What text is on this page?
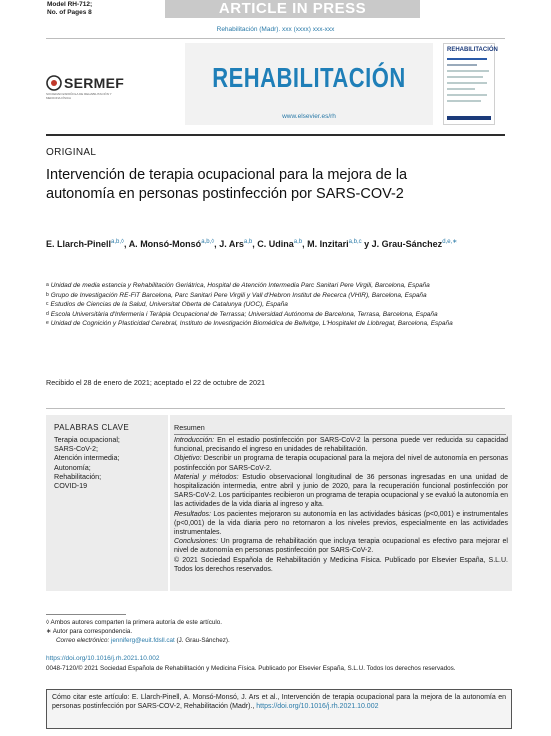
Model RH-712;
No. of Pages 8	ARTICLE IN PRESS
Rehabilitación (Madr). xxx (xxxx) xxx-xxx
SERMEF
SOCIEDAD ESPAÑOLA DE REHABILITACIÓN Y MEDICINA FÍSICA
REHABILITACIÓN
www.elsevier.es/rh
REHABILITACIÓN
ORIGINAL
Intervención de terapia ocupacional para la mejora de la autonomía en personas postinfección por SARS-COV-2
E. Llarch-Pinell$^{a,b,◊}$, A. Monsó-Monsó$^{a,b,◊}$, J. Ars$^{a,b}$, C. Udina$^{a,b}$, M. Inzitari$^{a,b,c}$ y J. Grau-Sánchez$^{d,e,∗}$
$^a$ Unidad de media estancia y Rehabilitación Geriátrica, Hospital de Atención Intermedia Parc Sanitari Pere Virgili, Barcelona, España
$^b$ Grupo de Investigación RE-FiT Barcelona, Parc Sanitari Pere Virgili y Vall d'Hebron Institut de Recerca (VHIR), Barcelona, España
$^c$ Estudios de Ciencias de la Salud, Universitat Oberta de Catalunya (UOC), España
$^d$ Escola Universitària d'Infermeria i Teràpia Ocupacional de Terrassa; Universidad Autónoma de Barcelona, Terrasa, Barcelona, España
$^e$ Unidad de Cognición y Plasticidad Cerebral, Instituto de Investigación Biomédica de Bellvitge, L'Hospitalet de Llobregat, Barcelona, España
Recibido el 28 de enero de 2021; aceptado el 22 de octubre de 2021
PALABRAS CLAVE
Terapia ocupacional;
SARS-CoV-2;
Atención intermedia;
Autonomía;
Rehabilitación;
COVID-19
Resumen

Introducción: En el estadio postinfección por SARS-CoV-2 la persona puede ver reducida su capacidad funcional, precisando el ingreso en unidades de rehabilitación.

Objetivo: Describir un programa de terapia ocupacional para la mejora del nivel de autonomía en personas postinfección por SARS-CoV-2.

Material y métodos: Estudio observacional longitudinal de 36 personas ingresadas en una unidad de hospitalización intermedia, entre abril y junio de 2020, para la recuperación funcional postinfección por SARS-CoV-2. Los participantes recibieron un programa de terapia ocupacional y se evaluó la autonomía en las actividades de la vida diaria al ingreso y alta.

Resultados: Los pacientes mejoraron su autonomía en las actividades básicas (p<0,001) e instrumentales (p<0,001) de la vida diaria pero no retornaron a los niveles previos, especialmente en las actividades instrumentales.

Conclusiones: Un programa de rehabilitación que incluya terapia ocupacional es efectivo para mejorar el nivel de autonomía en personas postinfección por SARS-CoV-2.

© 2021 Sociedad Española de Rehabilitación y Medicina Física. Publicado por Elsevier España, S.L.U. Todos los derechos reservados.

◊ Ambos autores comparten la primera autoría de este artículo.
∗ Autor para correspondencia.
Correo electrónico: jenniferg@euit.fdsll.cat (J. Grau-Sánchez).
https://doi.org/10.1016/j.rh.2021.10.002
0048-7120/© 2021 Sociedad Española de Rehabilitación y Medicina Física. Publicado por Elsevier España, S.L.U. Todos los derechos reservados.
Cómo citar este artículo: E. Llarch-Pinell, A. Monsó-Monsó, J. Ars et al., Intervención de terapia ocupacional para la mejora de la autonomía en personas postinfección por SARS-COV-2, Rehabilitación (Madr)., https://doi.org/10.1016/j.rh.2021.10.002
